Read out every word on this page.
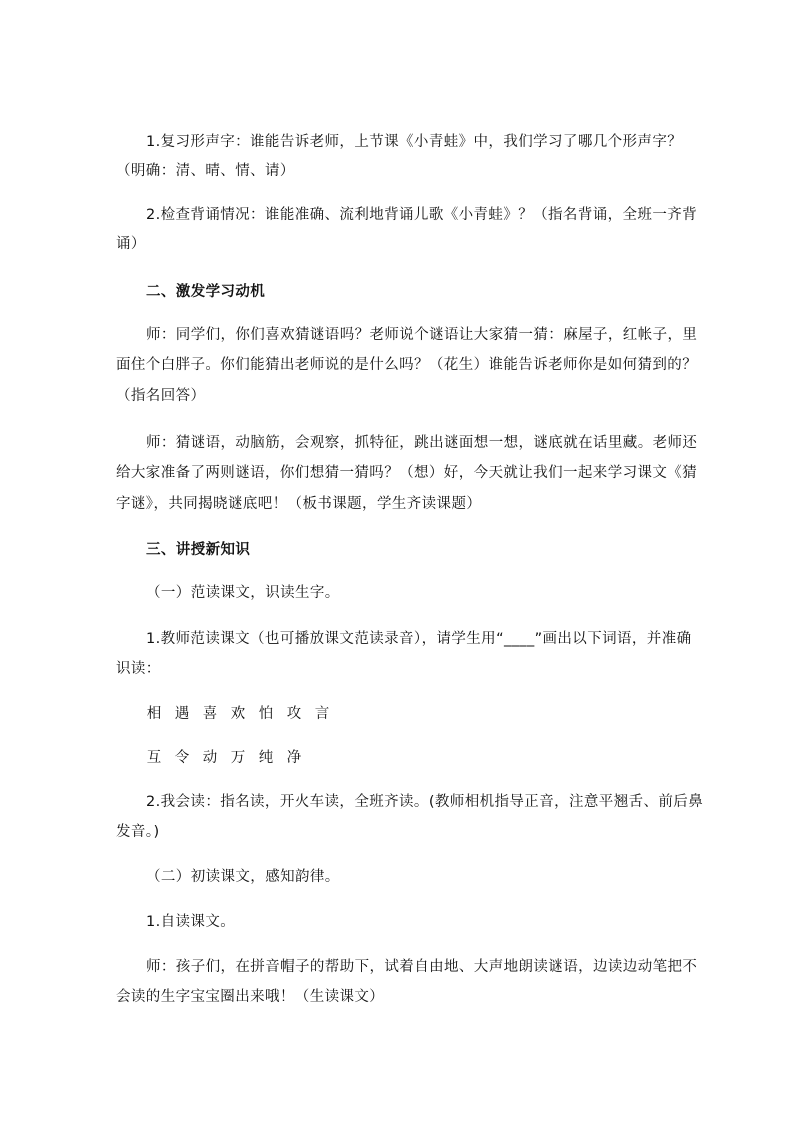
1.复习形声字：谁能告诉老师，上节课《小青蛙》中，我们学习了哪几个形声字？
（明确：清、晴、情、请）
2.检查背诵情况：谁能准确、流利地背诵儿歌《小青蛙》？（指名背诵，全班一齐背
诵）
二、激发学习动机
师：同学们，你们喜欢猜谜语吗？老师说个谜语让大家猜一猜：麻屋子，红帐子，里
面住个白胖子。你们能猜出老师说的是什么吗？（花生）谁能告诉老师你是如何猜到的？
（指名回答）
师：猜谜语，动脑筋，会观察，抓特征，跳出谜面想一想，谜底就在话里藏。老师还
给大家准备了两则谜语，你们想猜一猜吗？（想）好，今天就让我们一起来学习课文《猜
字谜》，共同揭晓谜底吧！（板书课题，学生齐读课题）
三、讲授新知识
（一）范读课文，识读生字。
1.教师范读课文（也可播放课文范读录音），请学生用“____”画出以下词语，并准确
识读：
相 遇 喜 欢 怕 攻 言
互 令 动 万 纯 净
2.我会读：指名读，开火车读，全班齐读。(教师相机指导正音，注意平翘舌、前后鼻
发音。)
（二）初读课文，感知韵律。
1.自读课文。
师：孩子们，在拼音帽子的帮助下，试着自由地、大声地朗读谜语，边读边动笔把不
会读的生字宝宝圈出来哦！（生读课文）
